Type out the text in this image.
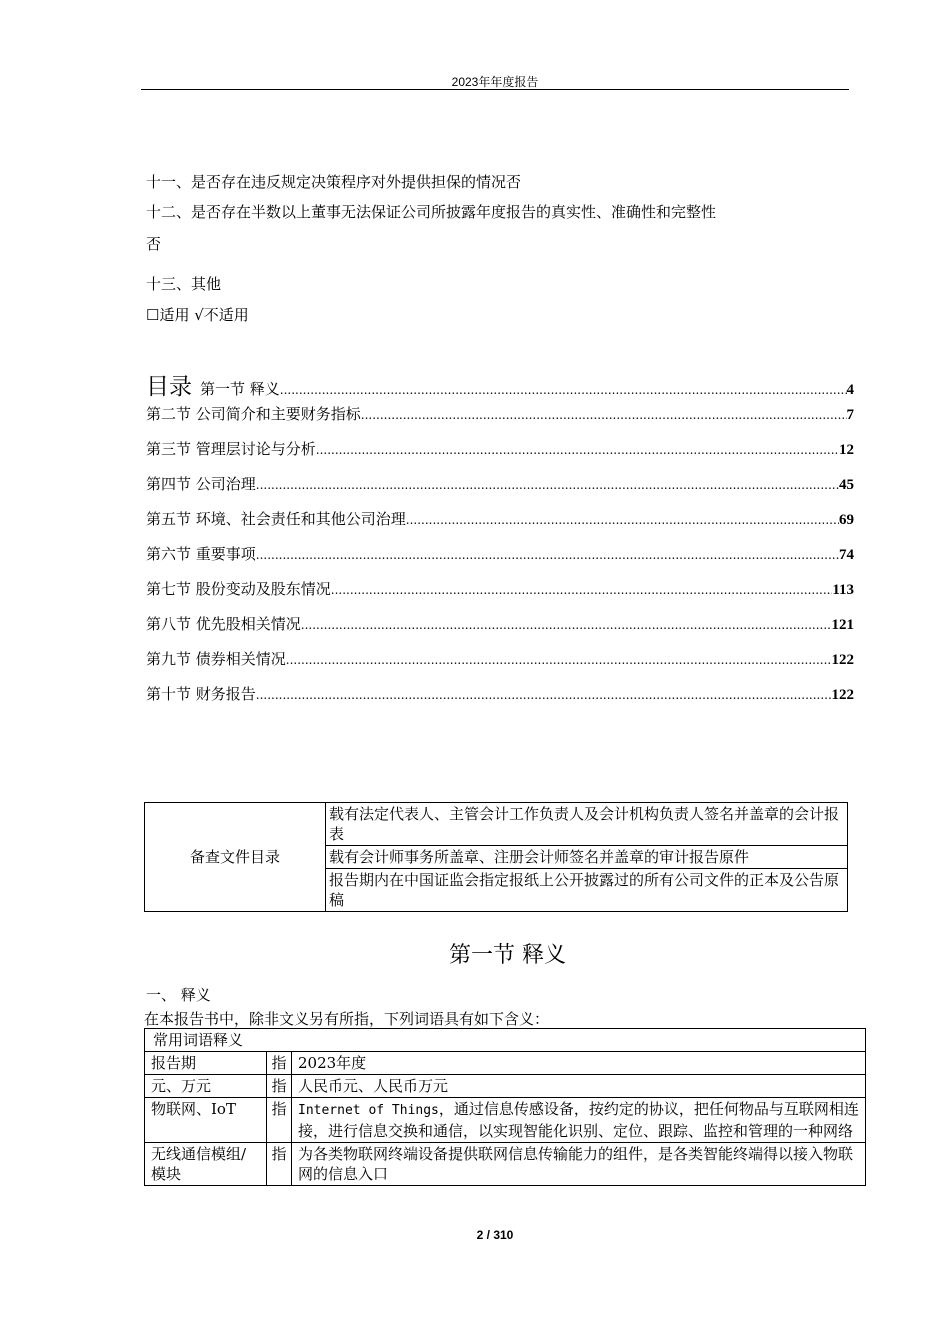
2023年年度报告
十一、是否存在违反规定决策程序对外提供担保的情况否
十二、是否存在半数以上董事无法保证公司所披露年度报告的真实性、准确性和完整性
否
十三、其他
☐适用 √不适用
目录 第一节 释义 .....	4
第二节 公司简介和主要财务指标 .....	7
第三节 管理层讨论与分析 .....	12
第四节 公司治理 .....	45
第五节 环境、社会责任和其他公司治理 .....	69
第六节 重要事项 .....	74
第七节 股份变动及股东情况 .....	113
第八节 优先股相关情况 .....	121
第九节 债券相关情况 .....	122
第十节 财务报告 .....	122
备查文件目录	载有法定代表人、主管会计工作负责人及会计机构负责人签名并盖章的会计报表
载有会计师事务所盖章、注册会计师签名并盖章的审计报告原件
报告期内在中国证监会指定报纸上公开披露过的所有公司文件的正本及公告原稿
第一节 释义
一、 释义
在本报告书中，除非文义另有所指，下列词语具有如下含义：
常用词语释义		
报告期	指	2023年度
元、万元	指	人民币元、人民币万元
物联网、IoT	指	Internet of Things，通过信息传感设备，按约定的协议，把任何物品与互联网相连接，进行信息交换和通信，以实现智能化识别、定位、跟踪、监控和管理的一种网络
无线通信模组/模块	指	为各类物联网终端设备提供联网信息传输能力的组件，是各类智能终端得以接入物联网的信息入口
2 / 310
